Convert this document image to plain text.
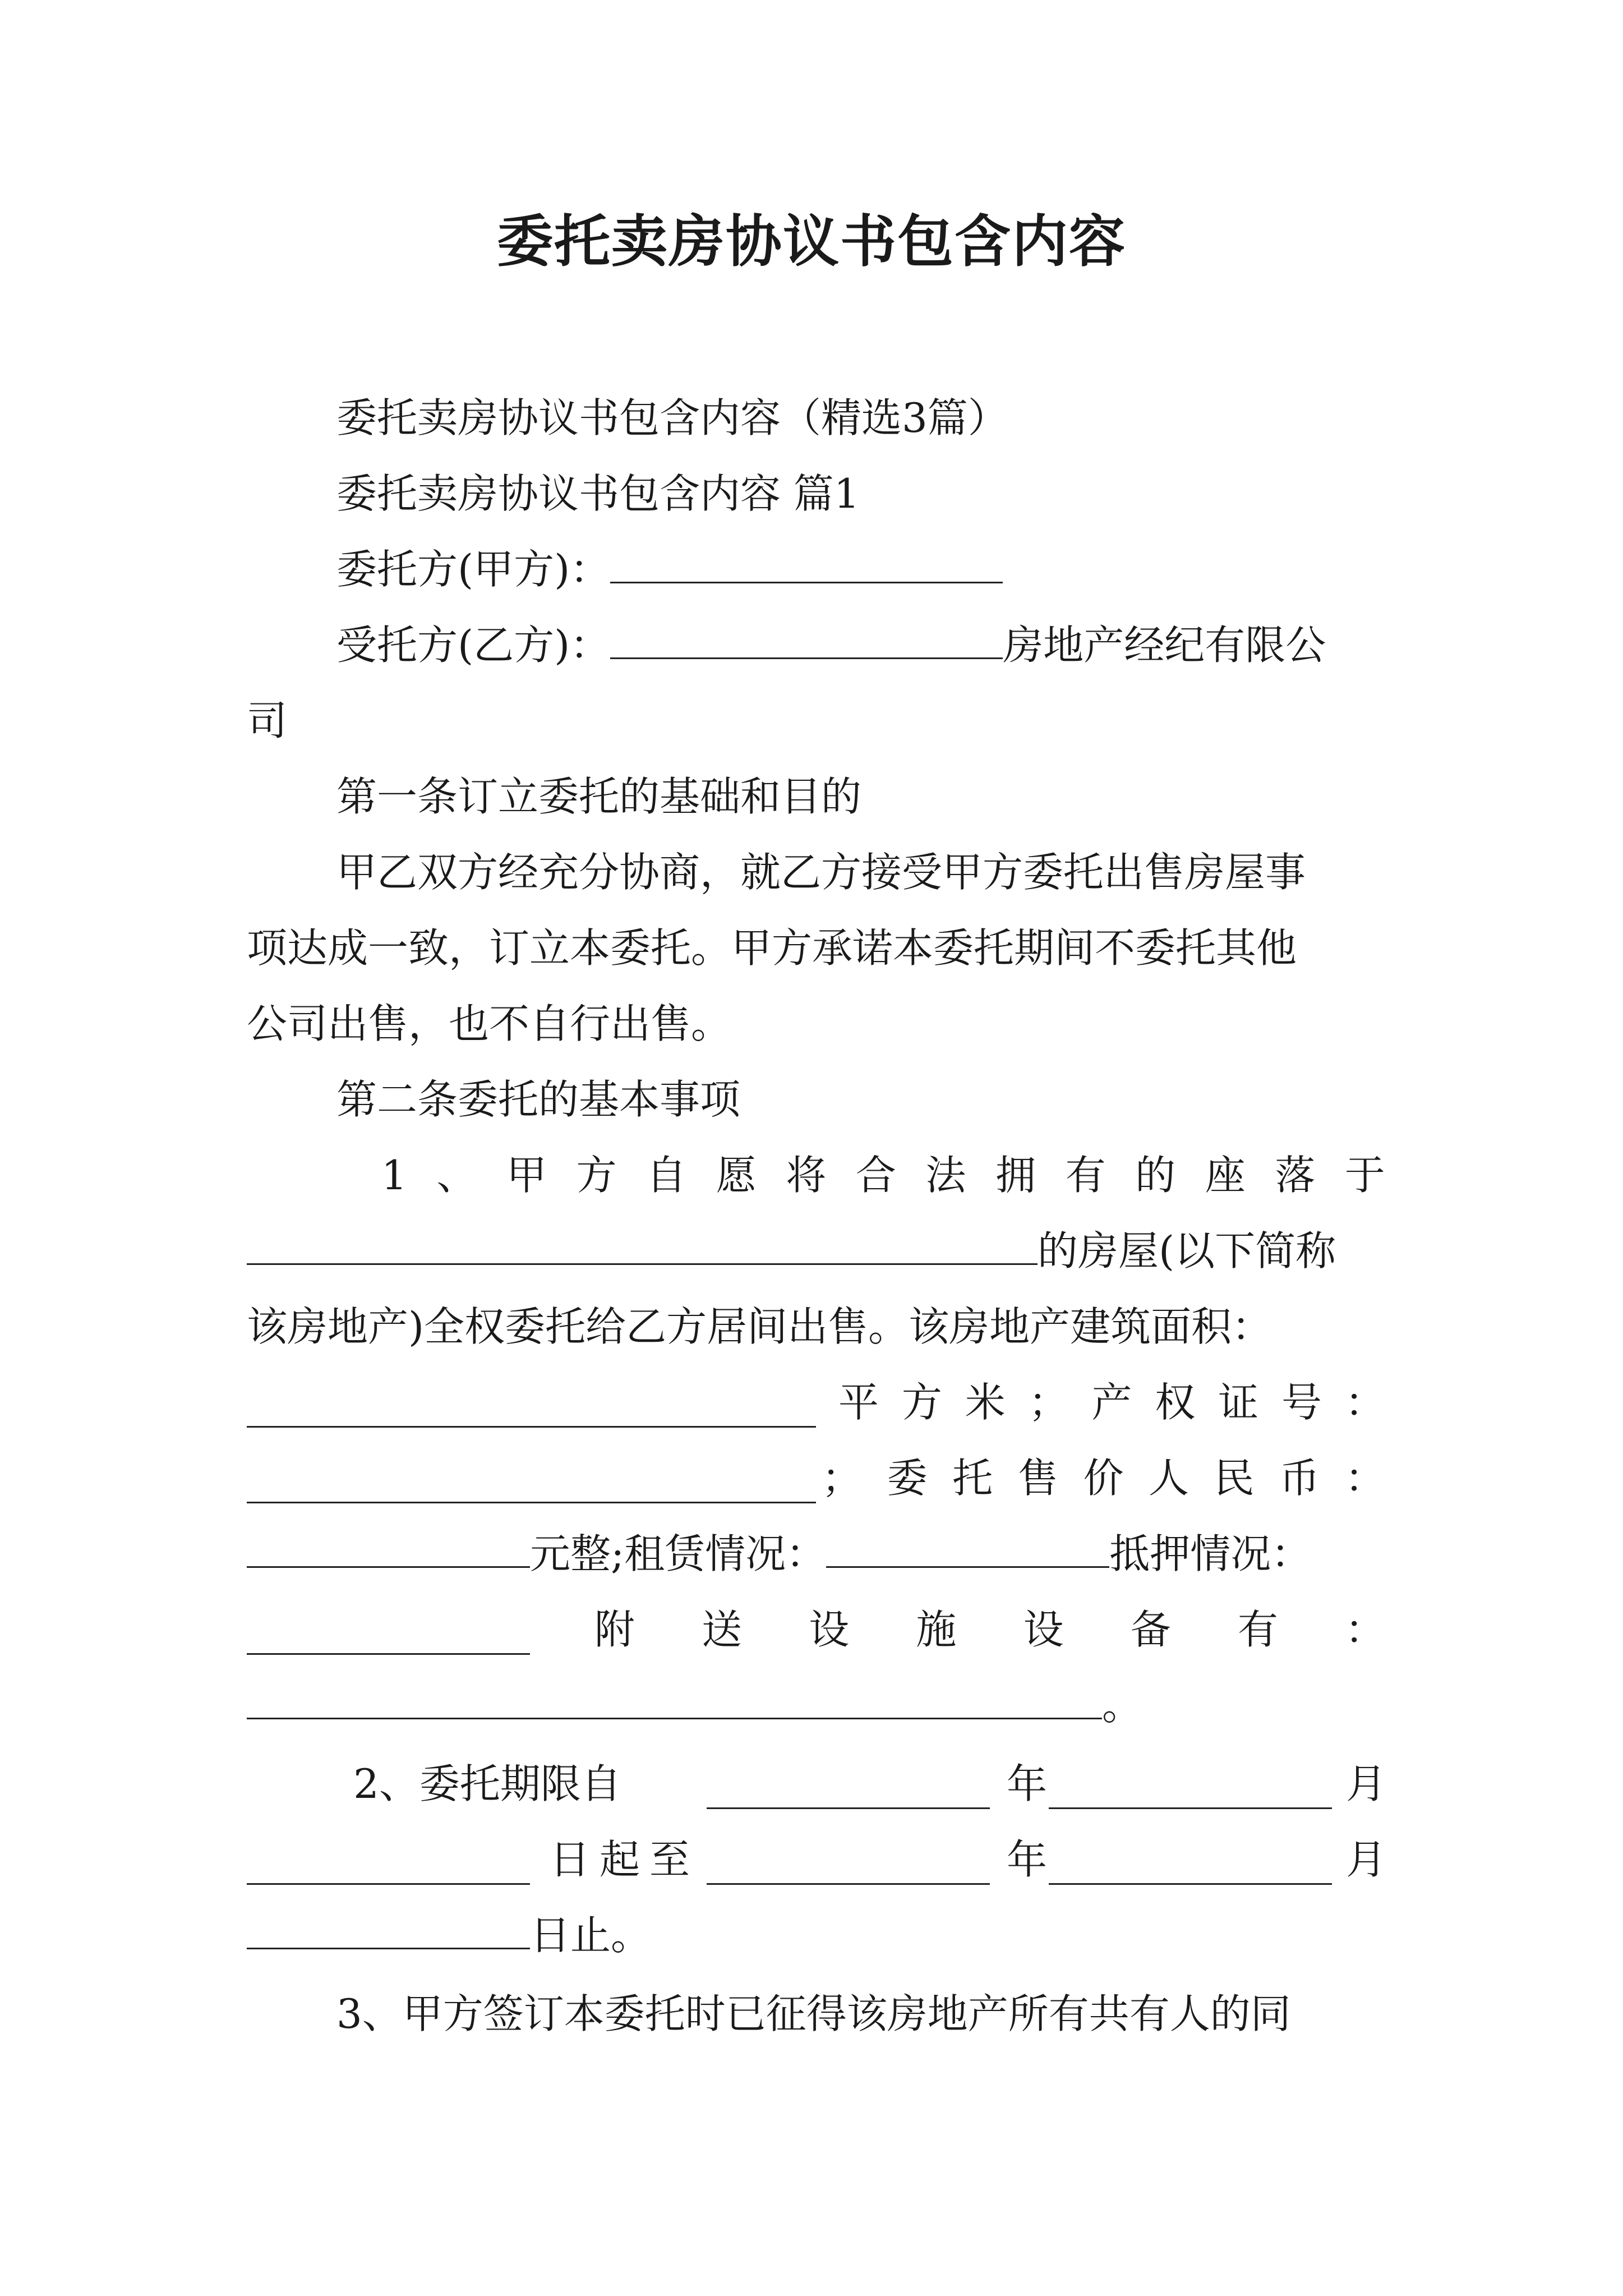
委托卖房协议书包含内容
委托卖房协议书包含内容（精选3篇）
委托卖房协议书包含内容 篇1
委托方(甲方)：
受托方(乙方)：	房地产经纪有限公
司
第一条订立委托的基础和目的
甲乙双方经充分协商，就乙方接受甲方委托出售房屋事
项达成一致，订立本委托。甲方承诺本委托期间不委托其他
公司出售，也不自行出售。
第二条委托的基本事项
1 、 甲 方 自 愿 将 合 法 拥 有 的 座 落 于
的房屋(以下简称
该房地产)全权委托给乙方居间出售。该房地产建筑面积：
平 方 米 ； 产 权 证 号 ：
； 委 托 售 价 人 民 币 ：
元整;租赁情况：	抵押情况：
附 送 设 施 设 备 有 ：
。
2 、 委 托 期 限 自	年	月
日 起 至	年	月
日止。
3、甲方签订本委托时已征得该房地产所有共有人的同
